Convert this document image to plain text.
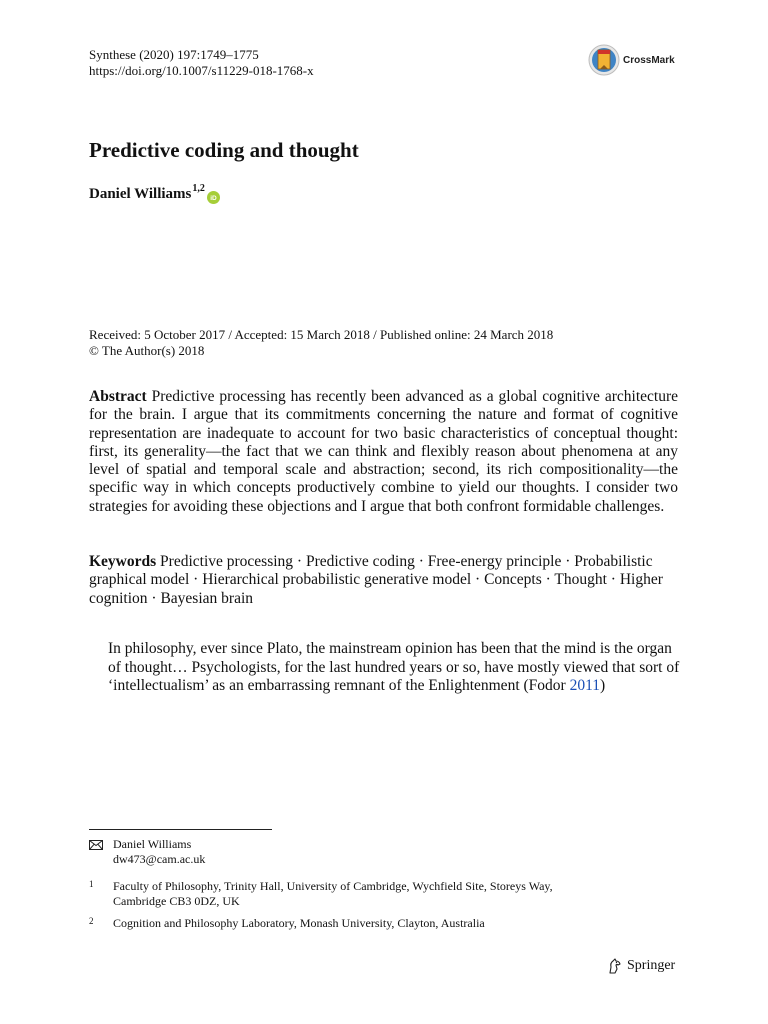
Synthese (2020) 197:1749–1775
https://doi.org/10.1007/s11229-018-1768-x
CrossMark
Predictive coding and thought
Daniel Williams$^{1,2}$
iD
Received: 5 October 2017 / Accepted: 15 March 2018 / Published online: 24 March 2018
© The Author(s) 2018

Abstract Predictive processing has recently been advanced as a global cognitive architecture for the brain. I argue that its commitments concerning the nature and format of cognitive representation are inadequate to account for two basic characteristics of conceptual thought: first, its generality—the fact that we can think and flexibly reason about phenomena at any level of spatial and temporal scale and abstraction; second, its rich compositionality—the specific way in which concepts productively combine to yield our thoughts. I consider two strategies for avoiding these objections and I argue that both confront formidable challenges.

Keywords Predictive processing · Predictive coding · Free-energy principle · Probabilistic graphical model · Hierarchical probabilistic generative model · Concepts · Thought · Higher cognition · Bayesian brain

In philosophy, ever since Plato, the mainstream opinion has been that the mind is the organ of thought… Psychologists, for the last hundred years or so, have mostly viewed that sort of ‘intellectualism’ as an embarrassing remnant of the Enlightenment (Fodor 2011)

Daniel Williams
dw473@cam.ac.uk
1	Faculty of Philosophy, Trinity Hall, University of Cambridge, Wychfield Site, Storeys Way,
Cambridge CB3 0DZ, UK
2	Cognition and Philosophy Laboratory, Monash University, Clayton, Australia
Springer
